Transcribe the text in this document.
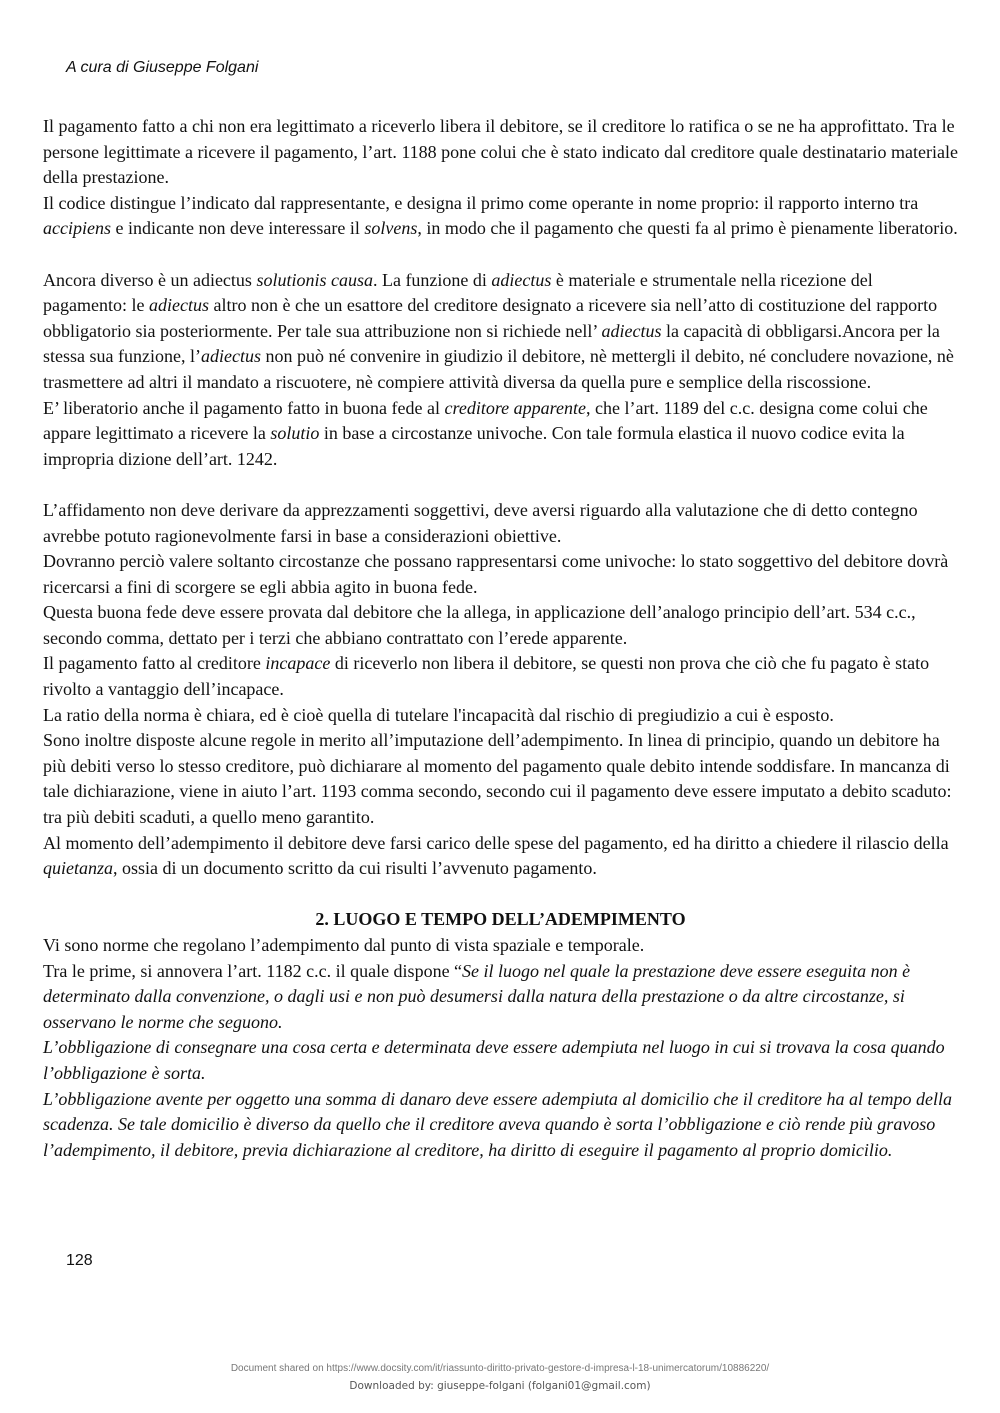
A cura di Giuseppe Folgani

Il pagamento fatto a chi non era legittimato a riceverlo libera il debitore, se il creditore lo ratifica o se ne ha approfittato. Tra le persone legittimate a ricevere il pagamento, l’art. 1188 pone colui che è stato indicato dal creditore quale destinatario materiale della prestazione.

Il codice distingue l’indicato dal rappresentante, e designa il primo come operante in nome proprio: il rapporto interno tra accipiens e indicante non deve interessare il solvens, in modo che il pagamento che questi fa al primo è pienamente liberatorio.

Ancora diverso è un adiectus solutionis causa. La funzione di adiectus è materiale e strumentale nella ricezione del pagamento: le adiectus altro non è che un esattore del creditore designato a ricevere sia nell’atto di costituzione del rapporto obbligatorio sia posteriormente. Per tale sua attribuzione non si richiede nell’ adiectus la capacità di obbligarsi.Ancora per la stessa sua funzione, l’adiectus non può né convenire in giudizio il debitore, nè mettergli il debito, né concludere novazione, nè trasmettere ad altri il mandato a riscuotere, nè compiere attività diversa da quella pure e semplice della riscossione.

E’ liberatorio anche il pagamento fatto in buona fede al creditore apparente, che l’art. 1189 del c.c. designa come colui che appare legittimato a ricevere la solutio in base a circostanze univoche. Con tale formula elastica il nuovo codice evita la impropria dizione dell’art. 1242.

L’affidamento non deve derivare da apprezzamenti soggettivi, deve aversi riguardo alla valutazione che di detto contegno avrebbe potuto ragionevolmente farsi in base a considerazioni obiettive.

Dovranno perciò valere soltanto circostanze che possano rappresentarsi come univoche: lo stato soggettivo del debitore dovrà ricercarsi a fini di scorgere se egli abbia agito in buona fede.

Questa buona fede deve essere provata dal debitore che la allega, in applicazione dell’analogo principio dell’art. 534 c.c., secondo comma, dettato per i terzi che abbiano contrattato con l’erede apparente.

Il pagamento fatto al creditore incapace di riceverlo non libera il debitore, se questi non prova che ciò che fu pagato è stato rivolto a vantaggio dell’incapace.

La ratio della norma è chiara, ed è cioè quella di tutelare l'incapacità dal rischio di pregiudizio a cui è esposto.

Sono inoltre disposte alcune regole in merito all’imputazione dell’adempimento. In linea di principio, quando un debitore ha più debiti verso lo stesso creditore, può dichiarare al momento del pagamento quale debito intende soddisfare. In mancanza di tale dichiarazione, viene in aiuto l’art. 1193 comma secondo, secondo cui il pagamento deve essere imputato a debito scaduto: tra più debiti scaduti, a quello meno garantito.

Al momento dell’adempimento il debitore deve farsi carico delle spese del pagamento, ed ha diritto a chiedere il rilascio della quietanza, ossia di un documento scritto da cui risulti l’avvenuto pagamento.

2. LUOGO E TEMPO DELL’ADEMPIMENTO

Vi sono norme che regolano l’adempimento dal punto di vista spaziale e temporale.

Tra le prime, si annovera l’art. 1182 c.c. il quale dispone “Se il luogo nel quale la prestazione deve essere eseguita non è determinato dalla convenzione, o dagli usi e non può desumersi dalla natura della prestazione o da altre circostanze, si osservano le norme che seguono.

L’obbligazione di consegnare una cosa certa e determinata deve essere adempiuta nel luogo in cui si trovava la cosa quando l’obbligazione è sorta.

L’obbligazione avente per oggetto una somma di danaro deve essere adempiuta al domicilio che il creditore ha al tempo della scadenza. Se tale domicilio è diverso da quello che il creditore aveva quando è sorta l’obbligazione e ciò rende più gravoso l’adempimento, il debitore, previa dichiarazione al creditore, ha diritto di eseguire il pagamento al proprio domicilio.

128
Document shared on https://www.docsity.com/it/riassunto-diritto-privato-gestore-d-impresa-l-18-unimercatorum/10886220/
Downloaded by: giuseppe-folgani (folgani01@gmail.com)
